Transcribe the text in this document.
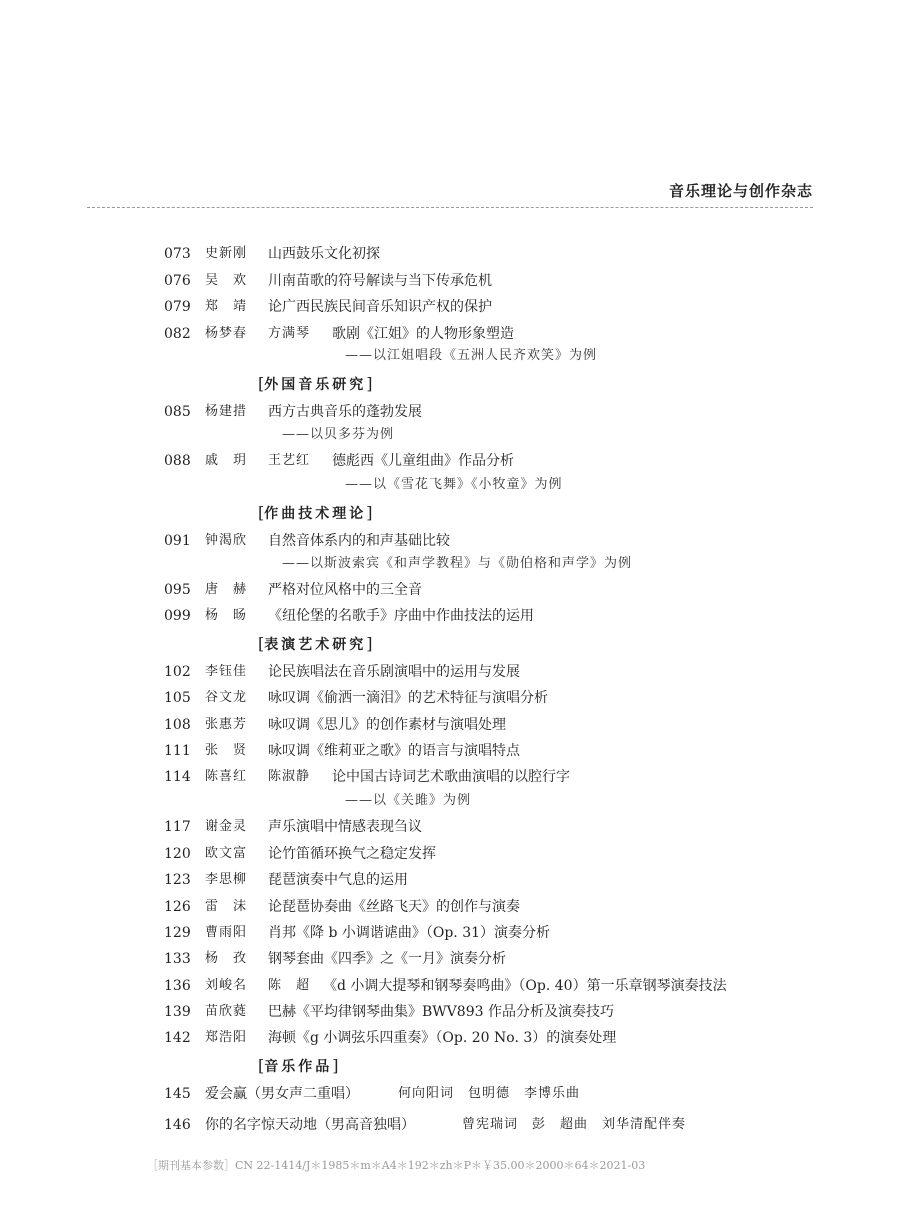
音乐理论与创作杂志
073	史新刚 山西鼓乐文化初探
076	吴　欢 川南苗歌的符号解读与当下传承危机
079	郑　靖 论广西民族民间音乐知识产权的保护
082	杨梦春 方满琴 歌剧《江姐》的人物形象塑造
——以江姐唱段《五洲人民齐欢笑》为例
[外国音乐研究]
085	杨建措 西方古典音乐的蓬勃发展
——以贝多芬为例
088	戚　玥 王艺红 德彪西《儿童组曲》作品分析
——以《雪花飞舞》《小牧童》为例
[作曲技术理论]
091	钟渴欣 自然音体系内的和声基础比较
——以斯波索宾《和声学教程》与《勋伯格和声学》为例
095	唐　赫 严格对位风格中的三全音
099	杨　旸 《纽伦堡的名歌手》序曲中作曲技法的运用
[表演艺术研究]
102	李钰佳 论民族唱法在音乐剧演唱中的运用与发展
105	谷文龙 咏叹调《偷洒一滴泪》的艺术特征与演唱分析
108	张惠芳 咏叹调《思儿》的创作素材与演唱处理
111	张　贤 咏叹调《维莉亚之歌》的语言与演唱特点
114	陈喜红 陈淑静 论中国古诗词艺术歌曲演唱的以腔行字
——以《关雎》为例
117	谢金灵 声乐演唱中情感表现刍议
120	欧文富 论竹笛循环换气之稳定发挥
123	李思柳 琵琶演奏中气息的运用
126	雷　沫 论琵琶协奏曲《丝路飞天》的创作与演奏
129	曹雨阳 肖邦《降 b 小调谐谑曲》（Op. 31）演奏分析
133	杨　孜 钢琴套曲《四季》之《一月》演奏分析
136	刘峻名 陈　超 《d 小调大提琴和钢琴奏鸣曲》（Op. 40）第一乐章钢琴演奏技法
139	苗欣蕤 巴赫《平均律钢琴曲集》BWV893 作品分析及演奏技巧
142	郑浩阳 海顿《g 小调弦乐四重奏》（Op. 20 No. 3）的演奏处理
[音乐作品]
145	爱会赢（男女声二重唱）	何向阳词　包明德　李博乐曲
146	你的名字惊天动地（男高音独唱）	曾宪瑞词　彭　超曲　刘华清配伴奏
［期刊基本参数］CN 22-1414/J＊1985＊m＊A4＊192＊zh＊P＊￥35.00＊2000＊64＊2021-03
